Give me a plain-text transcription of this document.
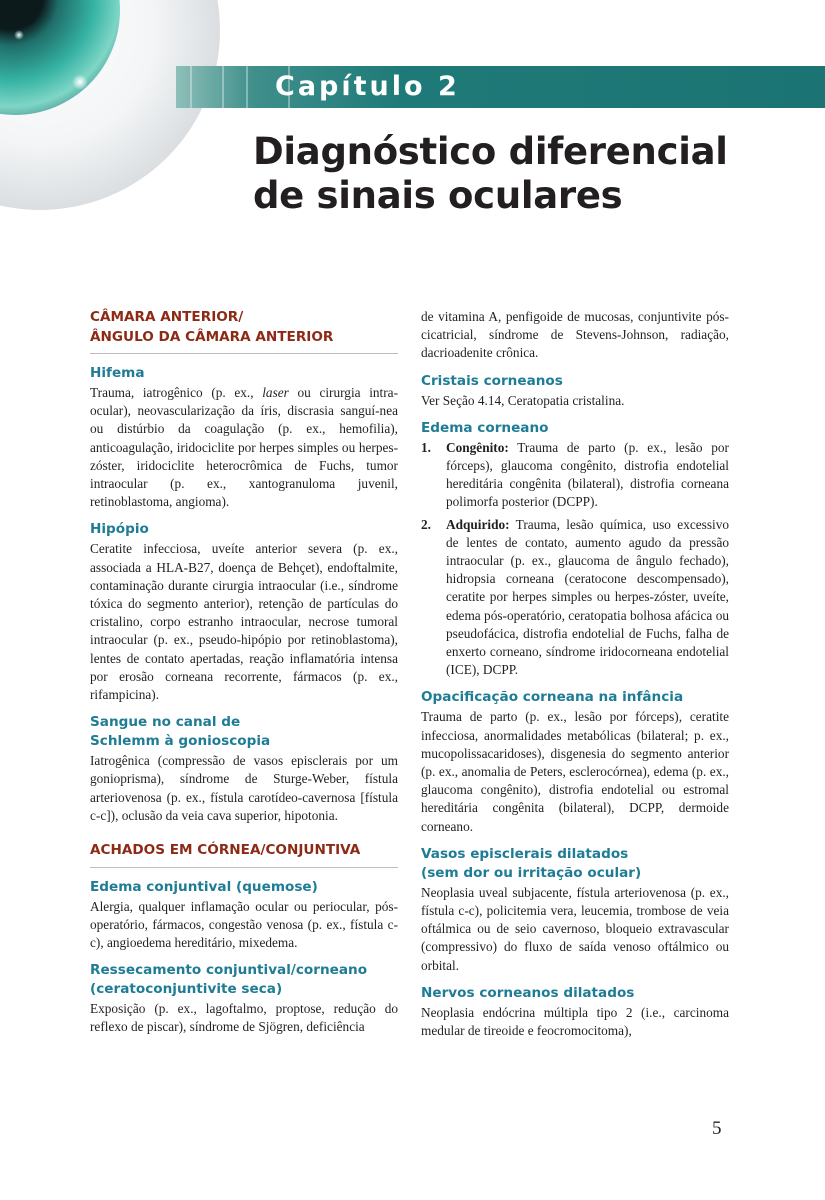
Capítulo 2
Diagnóstico diferencial
de sinais oculares
CÂMARA ANTERIOR/
ÂNGULO DA CÂMARA ANTERIOR
Hifema

Trauma, iatrogênico (p. ex., laser ou cirurgia intra-ocular), neovascularização da íris, discrasia sanguí-nea ou distúrbio da coagulação (p. ex., hemofilia), anticoagulação, iridociclite por herpes simples ou herpes-zóster, iridociclite heterocrômica de Fuchs, tumor intraocular (p. ex., xantogranuloma juvenil, retinoblastoma, angioma).

Hipópio

Ceratite infecciosa, uveíte anterior severa (p. ex., associada a HLA-B27, doença de Behçet), endoftalmite, contaminação durante cirurgia intraocular (i.e., síndrome tóxica do segmento anterior), retenção de partículas do cristalino, corpo estranho intraocular, necrose tumoral intraocular (p. ex., pseudo-hipópio por retinoblastoma), lentes de contato apertadas, reação inflamatória intensa por erosão corneana recorrente, fármacos (p. ex., rifampicina).

Sangue no canal de
Schlemm à gonioscopia

Iatrogênica (compressão de vasos episclerais por um gonioprisma), síndrome de Sturge-Weber, fístula arteriovenosa (p. ex., fístula carotídeo-cavernosa [fístula c-c]), oclusão da veia cava superior, hipotonia.

ACHADOS EM CÓRNEA/CONJUNTIVA
Edema conjuntival (quemose)

Alergia, qualquer inflamação ocular ou periocular, pós-operatório, fármacos, congestão venosa (p. ex., fístula c-c), angioedema hereditário, mixedema.

Ressecamento conjuntival/corneano
(ceratoconjuntivite seca)

Exposição (p. ex., lagoftalmo, proptose, redução do reflexo de piscar), síndrome de Sjögren, deficiência

de vitamina A, penfigoide de mucosas, conjuntivite pós-cicatricial, síndrome de Stevens-Johnson, radiação, dacrioadenite crônica.

Cristais corneanos

Ver Seção 4.14, Ceratopatia cristalina.

Edema corneano
1.	Congênito: Trauma de parto (p. ex., lesão por fórceps), glaucoma congênito, distrofia endotelial hereditária congênita (bilateral), distrofia corneana polimorfa posterior (DCPP).
2.	Adquirido: Trauma, lesão química, uso excessivo de lentes de contato, aumento agudo da pressão intraocular (p. ex., glaucoma de ângulo fechado), hidropsia corneana (ceratocone descompensado), ceratite por herpes simples ou herpes-zóster, uveíte, edema pós-operatório, ceratopatia bolhosa afácica ou pseudofácica, distrofia endotelial de Fuchs, falha de enxerto corneano, síndrome iridocorneana endotelial (ICE), DCPP.
Opacificação corneana na infância

Trauma de parto (p. ex., lesão por fórceps), ceratite infecciosa, anormalidades metabólicas (bilateral; p. ex., mucopolissacaridoses), disgenesia do segmento anterior (p. ex., anomalia de Peters, esclerocórnea), edema (p. ex., glaucoma congênito), distrofia endotelial ou estromal hereditária congênita (bilateral), DCPP, dermoide corneano.

Vasos episclerais dilatados
(sem dor ou irritação ocular)

Neoplasia uveal subjacente, fístula arteriovenosa (p. ex., fístula c-c), policitemia vera, leucemia, trombose de veia oftálmica ou de seio cavernoso, bloqueio extravascular (compressivo) do fluxo de saída venoso oftálmico ou orbital.

Nervos corneanos dilatados

Neoplasia endócrina múltipla tipo 2 (i.e., carcinoma medular de tireoide e feocromocitoma),

5
